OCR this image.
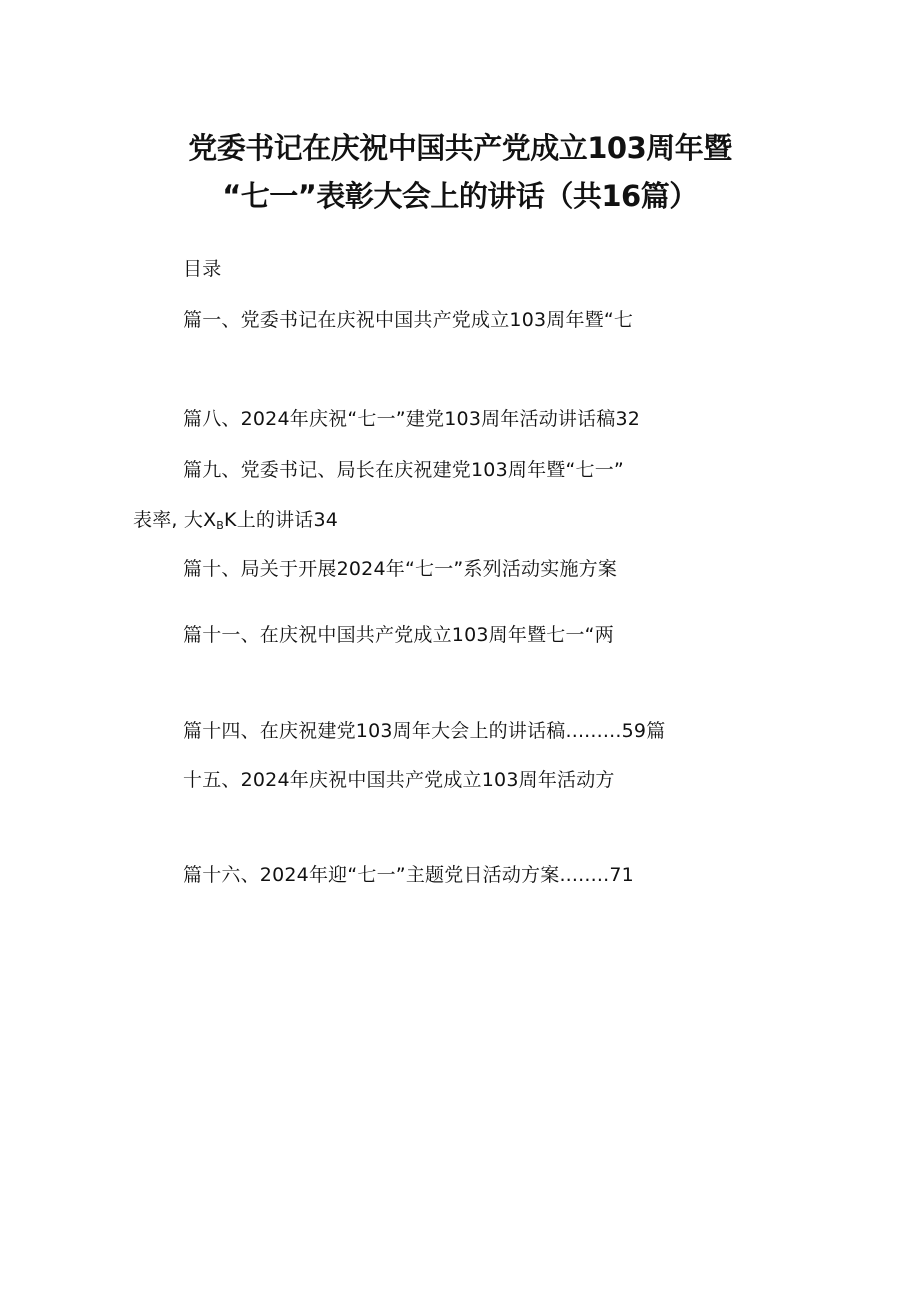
党委书记在庆祝中国共产党成立103周年暨
“七一”表彰大会上的讲话（共16篇）
目录
篇一、党委书记在庆祝中国共产党成立103周年暨“七
篇八、2024年庆祝“七一”建党103周年活动讲话稿32
篇九、党委书记、局长在庆祝建党103周年暨“七一”
表率, 大$X_BK$上的讲话34
篇十、局关于开展2024年“七一”系列活动实施方案
篇十一、在庆祝中国共产党成立103周年暨七一“两
篇十四、在庆祝建党103周年大会上的讲话稿.........59篇
十五、2024年庆祝中国共产党成立103周年活动方
篇十六、2024年迎“七一”主题党日活动方案........71
